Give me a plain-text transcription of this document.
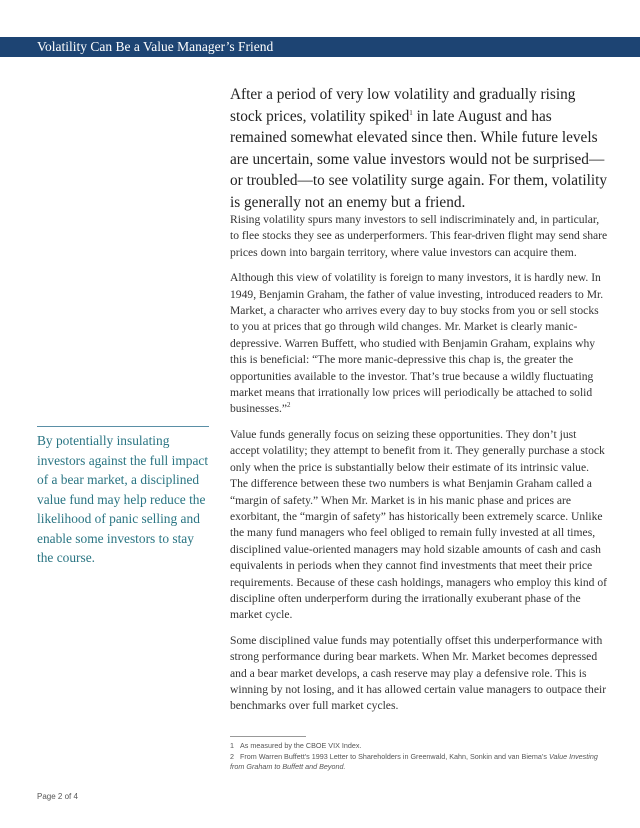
Volatility Can Be a Value Manager’s Friend
After a period of very low volatility and gradually rising stock prices, volatility spiked$^1$ in late August and has remained somewhat elevated since then. While future levels are uncertain, some value investors would not be surprised—or troubled—to see volatility surge again. For them, volatility is generally not an enemy but a friend.

Rising volatility spurs many investors to sell indiscriminately and, in particular, to flee stocks they see as underperformers. This fear-driven flight may send share prices down into bargain territory, where value investors can acquire them.

Although this view of volatility is foreign to many investors, it is hardly new. In 1949, Benjamin Graham, the father of value investing, introduced readers to Mr. Market, a character who arrives every day to buy stocks from you or sell stocks to you at prices that go through wild changes. Mr. Market is clearly manic-depressive. Warren Buffett, who studied with Benjamin Graham, explains why this is beneficial: “The more manic-depressive this chap is, the greater the opportunities available to the investor. That’s true because a wildly fluctuating market means that irrationally low prices will periodically be attached to solid businesses.”$^2$

Value funds generally focus on seizing these opportunities. They don’t just accept volatility; they attempt to benefit from it. They generally purchase a stock only when the price is substantially below their estimate of its intrinsic value. The difference between these two numbers is what Benjamin Graham called a “margin of safety.” When Mr. Market is in his manic phase and prices are exorbitant, the “margin of safety” has historically been extremely scarce. Unlike the many fund managers who feel obliged to remain fully invested at all times, disciplined value-oriented managers may hold sizable amounts of cash and cash equivalents in periods when they cannot find investments that meet their price requirements. Because of these cash holdings, managers who employ this kind of discipline often underperform during the irrationally exuberant phase of the market cycle.

Some disciplined value funds may potentially offset this underperformance with strong performance during bear markets. When Mr. Market becomes depressed and a bear market develops, a cash reserve may play a defensive role. This is winning by not losing, and it has allowed certain value managers to outpace their benchmarks over full market cycles.

By potentially insulating investors against the full impact of a bear market, a disciplined value fund may help reduce the likelihood of panic selling and enable some investors to stay the course.
1 As measured by the CBOE VIX Index.
2 From Warren Buffett’s 1993 Letter to Shareholders in Greenwald, Kahn, Sonkin and van Biema’s Value Investing from Graham to Buffett and Beyond.
Page 2 of 4
